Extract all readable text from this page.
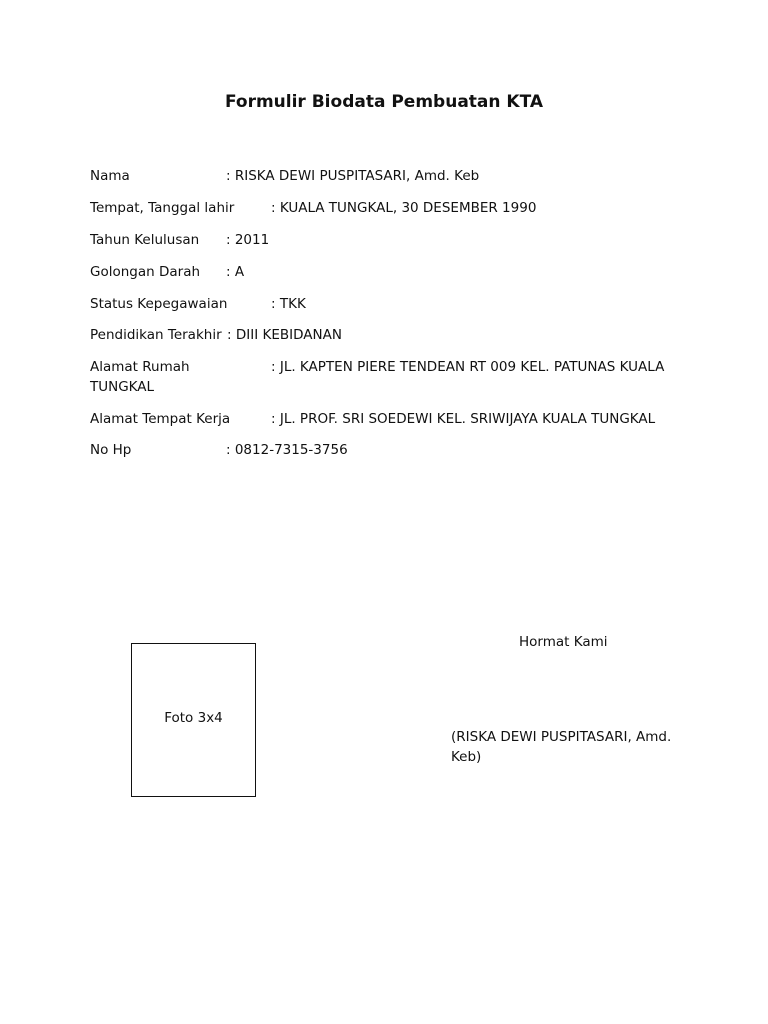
Formulir Biodata Pembuatan KTA
Nama	: RISKA DEWI PUSPITASARI, Amd. Keb
Tempat, Tanggal lahir	: KUALA TUNGKAL, 30 DESEMBER 1990
Tahun Kelulusan : 2011
Golongan Darah : A
Status Kepegawaian	: TKK
Pendidikan Terakhir : DIII KEBIDANAN
Alamat Rumah	: JL. KAPTEN PIERE TENDEAN RT 009 KEL. PATUNAS KUALA
TUNGKAL
Alamat Tempat Kerja	: JL. PROF. SRI SOEDEWI KEL. SRIWIJAYA KUALA TUNGKAL
No Hp	: 0812-7315-3756
Foto 3x4
Hormat Kami
(RISKA DEWI PUSPITASARI, Amd. Keb)
